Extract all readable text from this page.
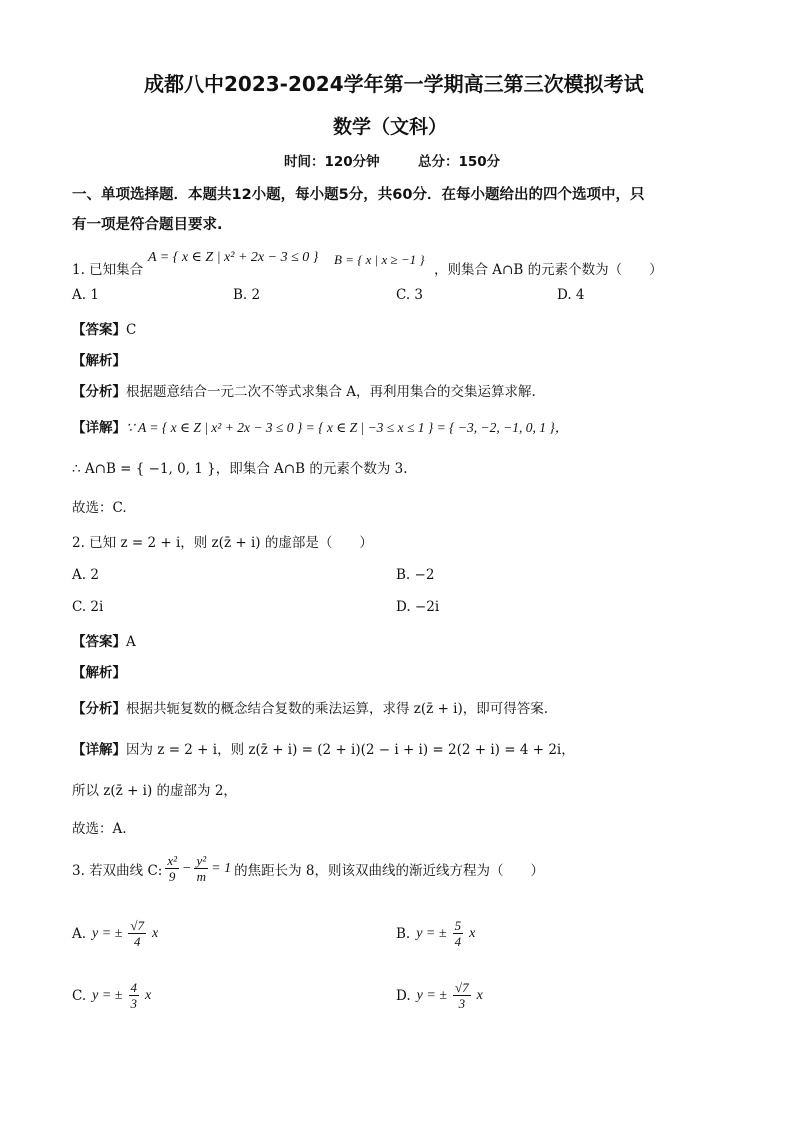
成都八中2023-2024学年第一学期高三第三次模拟考试
数学（文科）
时间：120分钟	总分：150分
一、单项选择题．本题共12小题，每小题5分，共60分．在每小题给出的四个选项中，只
有一项是符合题目要求.
1. 已知集合
A = { x ∈ Z | x² + 2x − 3 ≤ 0 } B = { x | x ≥ −1 }
，则集合 A∩B 的元素个数为（　　）
A. 1	B. 2	C. 3	D. 4
【答案】C
【解析】
【分析】根据题意结合一元二次不等式求集合 A，再利用集合的交集运算求解.
【详解】∵ A = { x ∈ Z | x² + 2x − 3 ≤ 0 } = { x ∈ Z | −3 ≤ x ≤ 1 } = { −3, −2, −1, 0, 1 }，
∴ A∩B = { −1, 0, 1 }，即集合 A∩B 的元素个数为 3.
故选：C.
2. 已知 z = 2 + i，则 z(z̄ + i) 的虚部是（　　）
A. 2	B. −2
C. 2i	D. −2i
【答案】A
【解析】
【分析】根据共轭复数的概念结合复数的乘法运算，求得 z(z̄ + i)，即可得答案.
【详解】因为 z = 2 + i，则 z(z̄ + i) = (2 + i)(2 − i + i) = 2(2 + i) = 4 + 2i，
所以 z(z̄ + i) 的虚部为 2，
故选：A.
3. 若双曲线 C: $\frac{\text{x²}}{9} - \frac{\text{y²}}{m} = 1$ 的焦距长为 8，则该双曲线的渐近线方程为（　　）
A. y = ± $\frac{√7}{4}$ x	B. y = ± $\frac{5}{4}$ x
C. y = ± $\frac{4}{3}$ x	D. y = ± $\frac{√7}{3}$ x
